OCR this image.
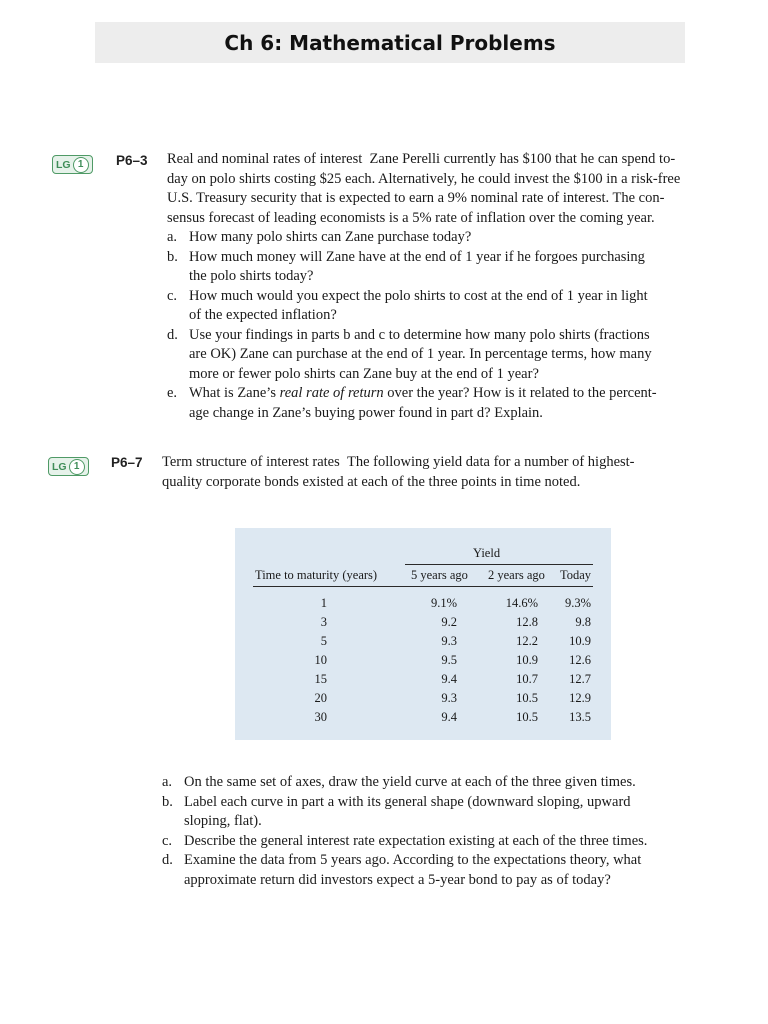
Ch 6: Mathematical Problems
LG 1	P6–3 Real and nominal rates of interest Zane Perelli currently has $100 that he can spend to-
day on polo shirts costing $25 each. Alternatively, he could invest the $100 in a risk-free
U.S. Treasury security that is expected to earn a 9% nominal rate of interest. The con-
sensus forecast of leading economists is a 5% rate of inflation over the coming year.
a. How many polo shirts can Zane purchase today?
b. How much money will Zane have at the end of 1 year if he forgoes purchasing
the polo shirts today?
c. How much would you expect the polo shirts to cost at the end of 1 year in light
of the expected inflation?
d. Use your findings in parts b and c to determine how many polo shirts (fractions
are OK) Zane can purchase at the end of 1 year. In percentage terms, how many
more or fewer polo shirts can Zane buy at the end of 1 year?
e. What is Zane’s real rate of return over the year? How is it related to the percent-
age change in Zane’s buying power found in part d? Explain.
LG 1	P6–7 Term structure of interest rates The following yield data for a number of highest-
quality corporate bonds existed at each of the three points in time noted.
Yield
Time to maturity (years)	5 years ago 2 years ago Today
1	9.1%	14.6% 9.3%
3	9.2	12.8	9.8
5	9.3	12.2 10.9
10	9.5	10.9 12.6
15	9.4	10.7 12.7
20	9.3	10.5 12.9
30	9.4	10.5 13.5
a. On the same set of axes, draw the yield curve at each of the three given times.
b. Label each curve in part a with its general shape (downward sloping, upward
sloping, flat).
c. Describe the general interest rate expectation existing at each of the three times.
d. Examine the data from 5 years ago. According to the expectations theory, what
approximate return did investors expect a 5-year bond to pay as of today?
